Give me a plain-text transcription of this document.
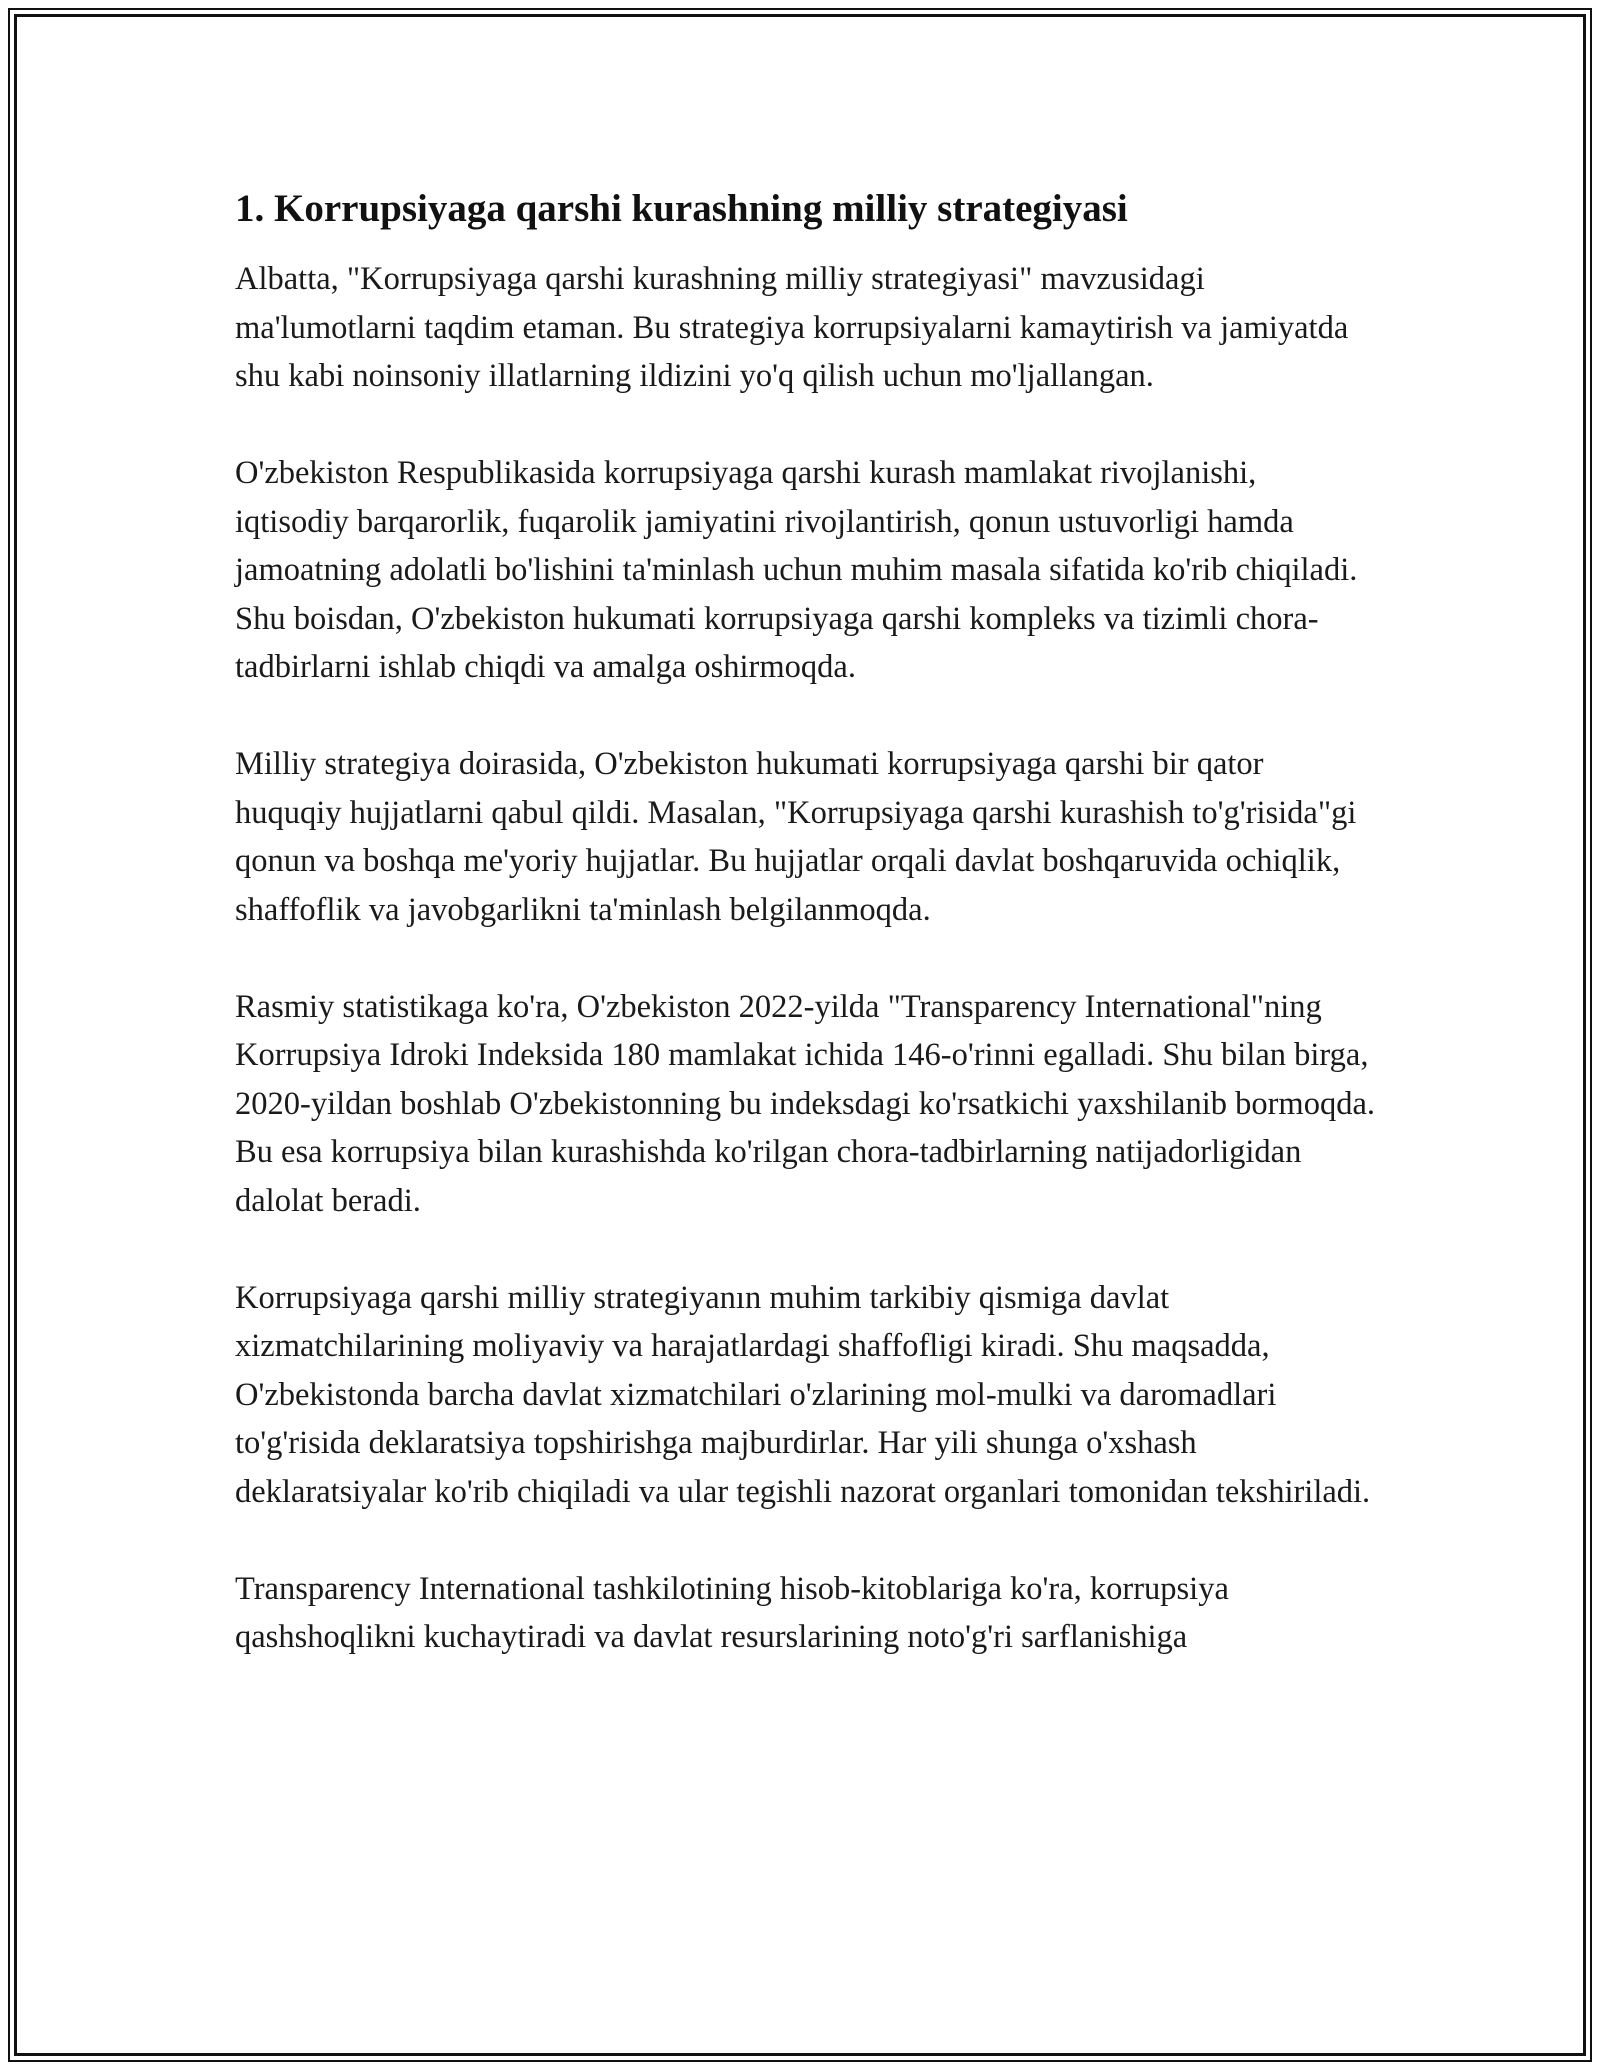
1. Korrupsiyaga qarshi kurashning milliy strategiyasi

Albatta, "Korrupsiyaga qarshi kurashning milliy strategiyasi" mavzusidagi ma'lumotlarni taqdim etaman. Bu strategiya korrupsiyalarni kamaytirish va jamiyatda shu kabi noinsoniy illatlarning ildizini yo'q qilish uchun mo'ljallangan.

O'zbekiston Respublikasida korrupsiyaga qarshi kurash mamlakat rivojlanishi, iqtisodiy barqarorlik, fuqarolik jamiyatini rivojlantirish, qonun ustuvorligi hamda jamoatning adolatli bo'lishini ta'minlash uchun muhim masala sifatida ko'rib chiqiladi. Shu boisdan, O'zbekiston hukumati korrupsiyaga qarshi kompleks va tizimli chora-tadbirlarni ishlab chiqdi va amalga oshirmoqda.

Milliy strategiya doirasida, O'zbekiston hukumati korrupsiyaga qarshi bir qator huquqiy hujjatlarni qabul qildi. Masalan, "Korrupsiyaga qarshi kurashish to'g'risida"gi qonun va boshqa me'yoriy hujjatlar. Bu hujjatlar orqali davlat boshqaruvida ochiqlik, shaffoflik va javobgarlikni ta'minlash belgilanmoqda.

Rasmiy statistikaga ko'ra, O'zbekiston 2022-yilda "Transparency International"ning Korrupsiya Idroki Indeksida 180 mamlakat ichida 146-o'rinni egalladi. Shu bilan birga, 2020-yildan boshlab O'zbekistonning bu indeksdagi ko'rsatkichi yaxshilanib bormoqda. Bu esa korrupsiya bilan kurashishda ko'rilgan chora-tadbirlarning natijadorligidan dalolat beradi.

Korrupsiyaga qarshi milliy strategiyanın muhim tarkibiy qismiga davlat xizmatchilarining moliyaviy va harajatlardagi shaffofligi kiradi. Shu maqsadda, O'zbekistonda barcha davlat xizmatchilari o'zlarining mol-mulki va daromadlari to'g'risida deklaratsiya topshirishga majburdirlar. Har yili shunga o'xshash deklaratsiyalar ko'rib chiqiladi va ular tegishli nazorat organlari tomonidan tekshiriladi.

Transparency International tashkilotining hisob-kitoblariga ko'ra, korrupsiya qashshoqlikni kuchaytiradi va davlat resurslarining noto'g'ri sarflanishiga
